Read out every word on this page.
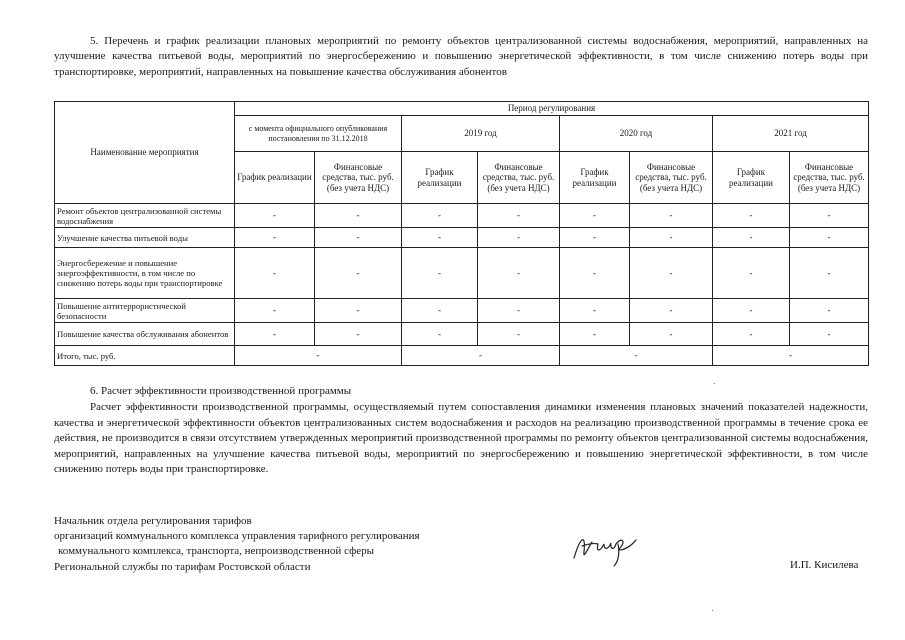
5. Перечень и график реализации плановых мероприятий по ремонту объектов централизованной системы водоснабжения, мероприятий, направленных на улучшение качества питьевой воды, мероприятий по энергосбережению и повышению энергетической эффективности, в том числе снижению потерь воды при транспортировке, мероприятий, направленных на повышение качества обслуживания абонентов
Наименование мероприятия	Период регулирования							
	с момента официального опубликования постановления по 31.12.2018		2019 год		2020 год		2021 год	
	График реализации	Финансовые средства, тыс. руб. (без учета НДС)	График реализации	Финансовые средства, тыс. руб. (без учета НДС)	График реализации	Финансовые средства, тыс. руб. (без учета НДС)	График реализации	Финансовые средства, тыс. руб. (без учета НДС)
Ремонт объектов централизованной системы водоснабжения	-	-	-	-	-	-	-	-
Улучшение качества питьевой воды	-	-	-	-	-	-	-	-
Энергосбережение и повышение энергоэффективности, в том числе по снижению потерь воды при транспортировке	-	-	-	-	-	-	-	-
Повышение антитеррористической безопасности	-	-	-	-	-	-	-	-
Повышение качества обслуживания абонентов	-	-	-	-	-	-	-	-
Итого, тыс. руб.	-		-		-		-	
6. Расчет эффективности производственной программы
Расчет эффективности производственной программы, осуществляемый путем сопоставления динамики изменения плановых значений показателей надежности, качества и энергетической эффективности объектов централизованных систем водоснабжения и расходов на реализацию производственной программы в течение срока ее действия, не производится в связи отсутствием утвержденных мероприятий производственной программы по ремонту объектов централизованной системы водоснабжения, мероприятий, направленных на улучшение качества питьевой воды, мероприятий по энергосбережению и повышению энергетической эффективности, в том числе снижению потерь воды при транспортировке.
Начальник отдела регулирования тарифов
организаций коммунального комплекса управления тарифного регулирования
коммунального комплекса, транспорта, непроизводственной сферы
Региональной службы по тарифам Ростовской области	И.П. Кисилева
